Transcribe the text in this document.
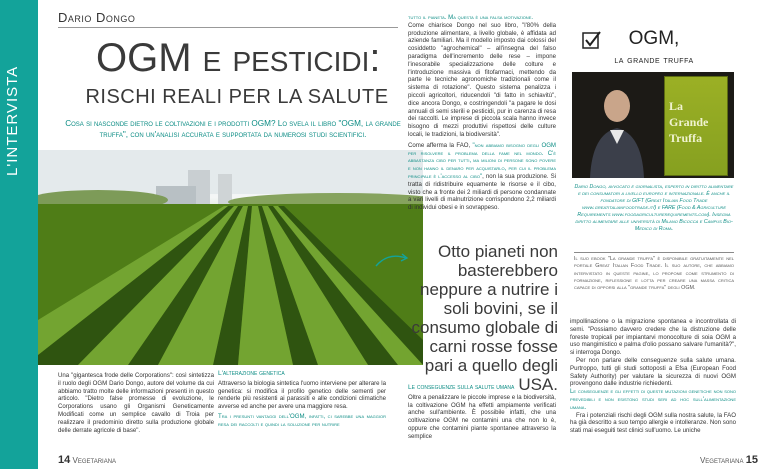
L'INTERVISTA
Dario Dongo
OGM e pesticidi:
RISCHI REALI PER LA SALUTE
Cosa si nasconde dietro le coltivazioni e i prodotti OGM? Lo svela il libro "OGM, la grande truffa", con un'analisi accurata e supportata da numerosi studi scientifici.
Una "gigantesca frode delle Corporations": così sintetizza il ruolo degli OGM Dario Dongo, autore del volume da cui abbiamo tratto molte delle informazioni presenti in questo articolo. "Dietro false promesse di evoluzione, le Corporations usano gli Organismi Geneticamente Modificati come un semplice cavallo di Troia per realizzare il predominio diretto sulla produzione globale delle derrate agricole di base".
L'alterazione genetica
Attraverso la biologia sintetica l'uomo interviene per alterare la genetica: si modifica il profilo genetico delle sementi per renderle più resistenti ai parassiti e alle condizioni climatiche avverse ed anche per avere una maggiore resa.
Tra i presunti vantaggi dell'OGM, infatti, ci sarebbe una maggior resa dei raccolti e quindi la soluzione per nutrire
tutto il pianeta. Ma questa è una falsa motivazione.
Come chiarisce Dongo nel suo libro, "l'80% della produzione alimentare, a livello globale, è affidata ad aziende familiari. Ma il modello imposto dai colossi del cosiddetto "agrochemical" – all'insegna del falso paradigma dell'incremento delle rese – impone l'inesorabile specializzazione delle colture e l'introduzione massiva di fitofarmaci, mettendo da parte le tecniche agronomiche tradizionali come il sistema di rotazione". Questo sistema penalizza i piccoli agricoltori, riducendoli "di fatto in schiavitù", dice ancora Dongo, e costringendoli "a pagare le dosi annuali di semi sterili e pesticidi, pur in carenza di resa dei raccolti. Le imprese di piccola scala hanno invece bisogno di mezzi produttivi rispettosi delle culture locali, le tradizioni, la biodiversità".
Come afferma la FAO, "non abbiamo bisogno degli OGM per risolvere il problema della fame nel mondo. C'è abbastanza cibo per tutti, ma milioni di persone sono povere e non hanno il denaro per acquistarlo, per cui il problema principale è l'accesso al cibo", non la sua produzione. Si tratta di ridistribuire equamente le risorse e il cibo, visto che a fronte dei 2 miliardi di persone condannate a vari livelli di malnutrizione corrispondono 2,2 miliardi di individui obesi e in sovrappeso.
Otto pianeti non basterebbero neppure a nutrire i soli bovini, se il consumo globale di carni rosse fosse pari a quello degli USA.
Le conseguenze sulla salute umana
Oltre a penalizzare le piccole imprese e la biodiversità, la coltivazione OGM ha effetti ampiamente verificati anche sull'ambiente. È possibile infatti, che una coltivazione OGM ne contamini una che non lo è, oppure che contamini piante spontanee attraverso la semplice
OGM,
la grande truffa
La
Grande
Truffa
Dario Dongo, avvocato e giornalista, esperto in diritto alimentare e dei consumatori a livello europeo e internazionale. È anche il fondatore di GIFT (Great Italian Food Trade www.greatitalianfoodtrade.it/) e FARE (Food & Agriculture Requirements www.foodagriculturerequirements.com). Insegna diritto alimentare alle università di Milano Bicocca e Campus Bio-Medico di Roma.
Il suo ebook "La grande truffa" è disponibile gratuitamente nel portale Great Italian Food Trade. Il suo autore, che abbiamo intervistato in queste pagine, lo propone come strumento di formazione, riflessione e lotta per creare una massa critica capace di opporsi alla "grande truffa" degli OGM.
impollinazione o la migrazione spontanea e incontrollata di semi. "Possiamo davvero credere che la distruzione delle foreste tropicali per impiantarvi monocolture di soia OGM a uso mangimistico e palma d'olio possano salvare l'umanità?", si interroga Dongo.
Per non parlare delle conseguenze sulla salute umana. Purtroppo, tutti gli studi sottoposti a Efsa (European Food Safety Authority) per valutare la sicurezza di nuovi OGM provengono dalle industrie richiedenti.
Le conseguenze e gli effetti di queste mutazioni genetiche non sono prevedibili e non esistono studi seri ad hoc sull'alimentazione umana.
Fra i potenziali rischi degli OGM sulla nostra salute, la FAO ha già descritto a suo tempo allergie e intolleranze. Non sono stati mai eseguiti test clinici sull'uomo. Le uniche
14 Vegetariana	Vegetariana 15
